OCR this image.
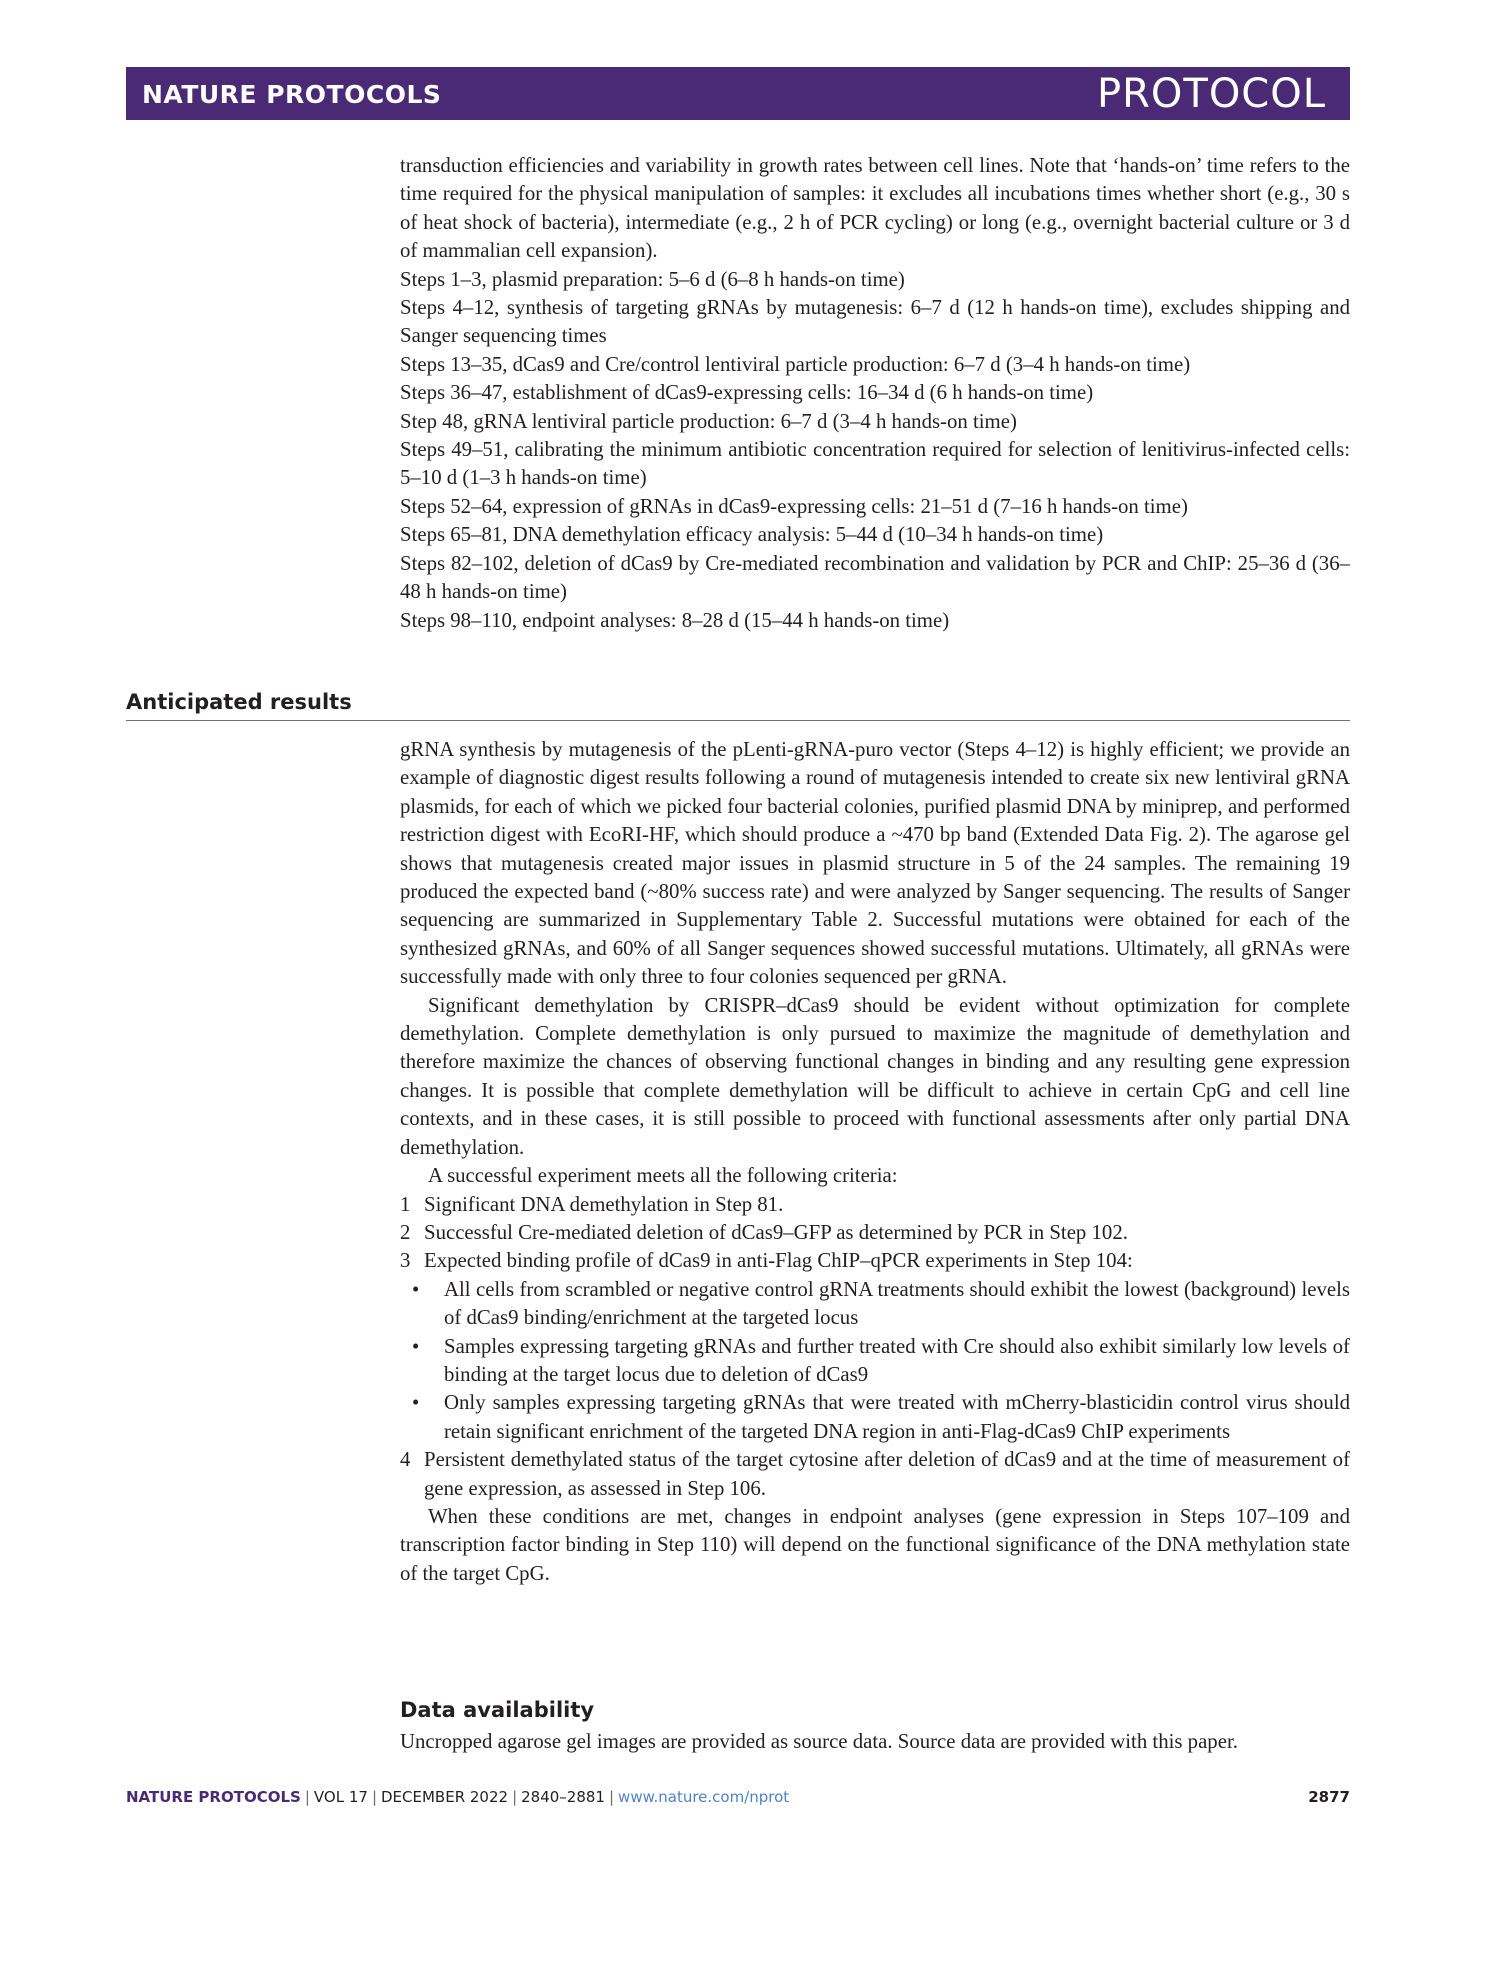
NATURE PROTOCOLS	PROTOCOL

transduction efficiencies and variability in growth rates between cell lines. Note that ‘hands-on’ time refers to the time required for the physical manipulation of samples: it excludes all incubations times whether short (e.g., 30 s of heat shock of bacteria), intermediate (e.g., 2 h of PCR cycling) or long (e.g., overnight bacterial culture or 3 d of mammalian cell expansion).

Steps 1–3, plasmid preparation: 5–6 d (6–8 h hands-on time)

Steps 4–12, synthesis of targeting gRNAs by mutagenesis: 6–7 d (12 h hands-on time), excludes shipping and Sanger sequencing times

Steps 13–35, dCas9 and Cre/control lentiviral particle production: 6–7 d (3–4 h hands-on time)

Steps 36–47, establishment of dCas9-expressing cells: 16–34 d (6 h hands-on time)

Step 48, gRNA lentiviral particle production: 6–7 d (3–4 h hands-on time)

Steps 49–51, calibrating the minimum antibiotic concentration required for selection of lenitivirus-infected cells: 5–10 d (1–3 h hands-on time)

Steps 52–64, expression of gRNAs in dCas9-expressing cells: 21–51 d (7–16 h hands-on time)

Steps 65–81, DNA demethylation efficacy analysis: 5–44 d (10–34 h hands-on time)

Steps 82–102, deletion of dCas9 by Cre-mediated recombination and validation by PCR and ChIP: 25–36 d (36–48 h hands-on time)

Steps 98–110, endpoint analyses: 8–28 d (15–44 h hands-on time)

Anticipated results

gRNA synthesis by mutagenesis of the pLenti-gRNA-puro vector (Steps 4–12) is highly efficient; we provide an example of diagnostic digest results following a round of mutagenesis intended to create six new lentiviral gRNA plasmids, for each of which we picked four bacterial colonies, purified plasmid DNA by miniprep, and performed restriction digest with EcoRI-HF, which should produce a ~470 bp band (Extended Data Fig. 2). The agarose gel shows that mutagenesis created major issues in plasmid structure in 5 of the 24 samples. The remaining 19 produced the expected band (~80% success rate) and were analyzed by Sanger sequencing. The results of Sanger sequencing are summarized in Supplementary Table 2. Successful mutations were obtained for each of the synthesized gRNAs, and 60% of all Sanger sequences showed successful mutations. Ultimately, all gRNAs were successfully made with only three to four colonies sequenced per gRNA.

Significant demethylation by CRISPR–dCas9 should be evident without optimization for complete demethylation. Complete demethylation is only pursued to maximize the magnitude of demethylation and therefore maximize the chances of observing functional changes in binding and any resulting gene expression changes. It is possible that complete demethylation will be difficult to achieve in certain CpG and cell line contexts, and in these cases, it is still possible to proceed with functional assessments after only partial DNA demethylation.

A successful experiment meets all the following criteria:

1 Significant DNA demethylation in Step 81.
2 Successful Cre-mediated deletion of dCas9–GFP as determined by PCR in Step 102.
3 Expected binding profile of dCas9 in anti-Flag ChIP–qPCR experiments in Step 104:
• All cells from scrambled or negative control gRNA treatments should exhibit the lowest (background) levels of dCas9 binding/enrichment at the targeted locus
• Samples expressing targeting gRNAs and further treated with Cre should also exhibit similarly low levels of binding at the target locus due to deletion of dCas9
• Only samples expressing targeting gRNAs that were treated with mCherry-blasticidin control virus should retain significant enrichment of the targeted DNA region in anti-Flag-dCas9 ChIP experiments
4 Persistent demethylated status of the target cytosine after deletion of dCas9 and at the time of measurement of gene expression, as assessed in Step 106.

When these conditions are met, changes in endpoint analyses (gene expression in Steps 107–109 and transcription factor binding in Step 110) will depend on the functional significance of the DNA methylation state of the target CpG.

Data availability

Uncropped agarose gel images are provided as source data. Source data are provided with this paper.

NATURE PROTOCOLS | VOL 17 | DECEMBER 2022 | 2840–2881 | www.nature.com/nprot	2877
